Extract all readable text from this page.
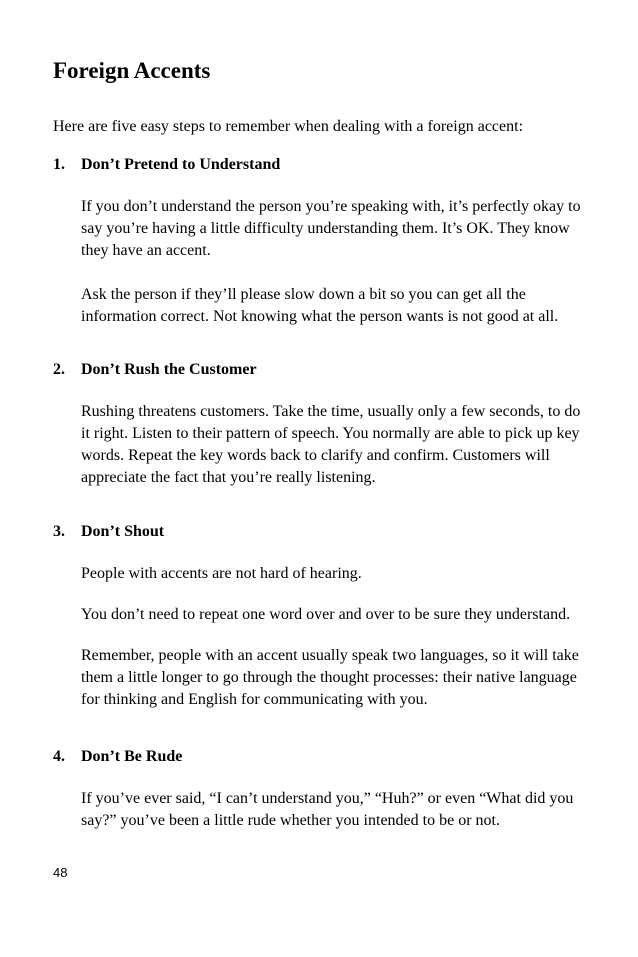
Foreign Accents

Here are five easy steps to remember when dealing with a foreign accent:

1. Don’t Pretend to Understand

If you don’t understand the person you’re speaking with, it’s perfectly okay to say you’re having a little difficulty understanding them. It’s OK. They know they have an accent.

Ask the person if they’ll please slow down a bit so you can get all the information correct. Not knowing what the person wants is not good at all.

2. Don’t Rush the Customer

Rushing threatens customers. Take the time, usually only a few seconds, to do it right. Listen to their pattern of speech. You normally are able to pick up key words. Repeat the key words back to clarify and confirm. Customers will appreciate the fact that you’re really listening.

3. Don’t Shout

People with accents are not hard of hearing.

You don’t need to repeat one word over and over to be sure they understand.

Remember, people with an accent usually speak two languages, so it will take them a little longer to go through the thought processes: their native language for thinking and English for communicating with you.

4. Don’t Be Rude

If you’ve ever said, “I can’t understand you,” “Huh?” or even “What did you say?” you’ve been a little rude whether you intended to be or not.

48
